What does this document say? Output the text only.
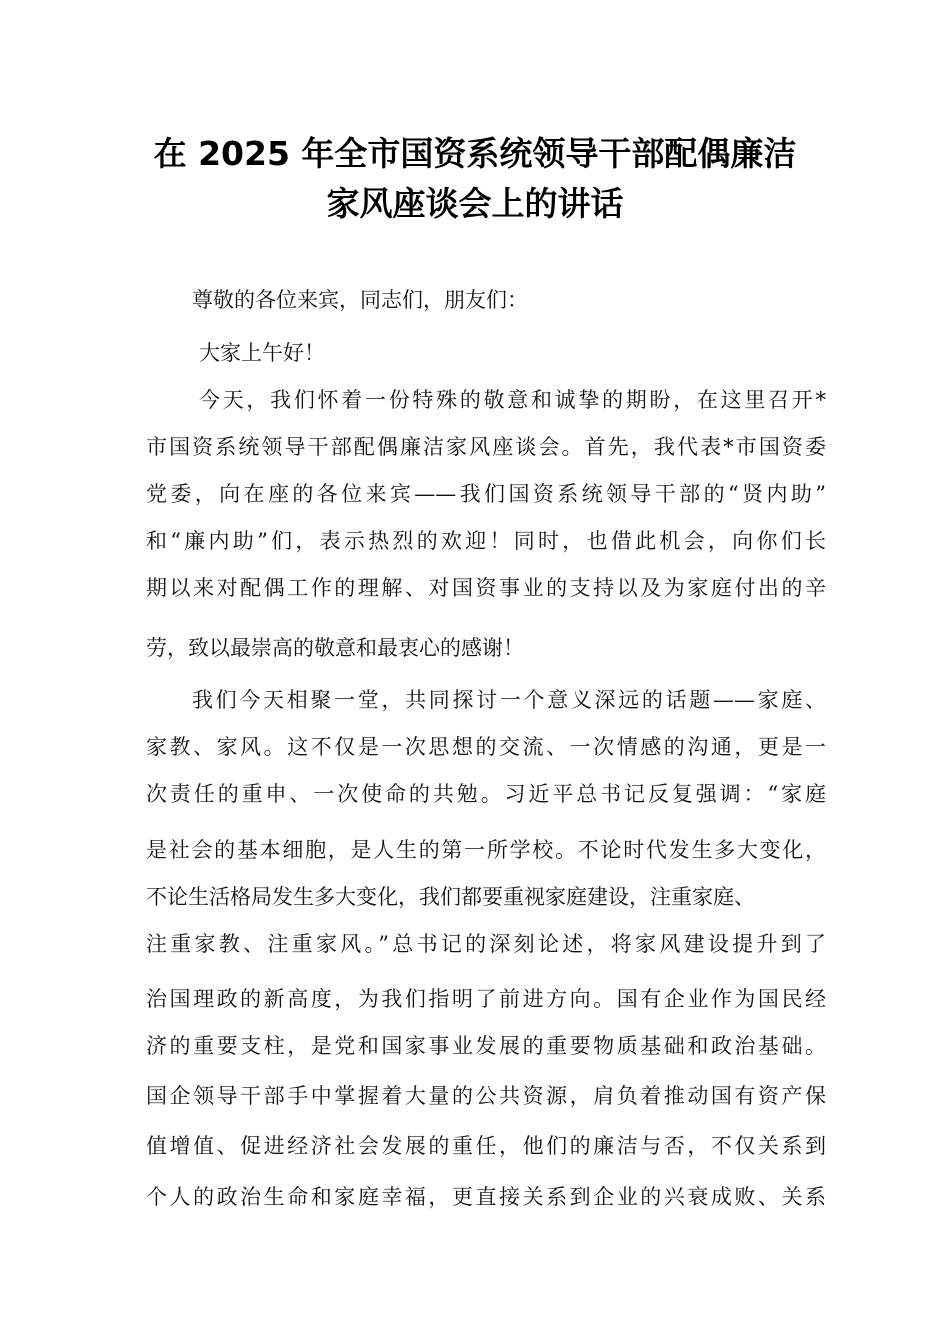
在 2025 年全市国资系统领导干部配偶廉洁
家风座谈会上的讲话
尊敬的各位来宾，同志们，朋友们：
大家上午好！
今天，我们怀着一份特殊的敬意和诚挚的期盼，在这里召开*
市国资系统领导干部配偶廉洁家风座谈会。首先，我代表*市国资委
党委，向在座的各位来宾——我们国资系统领导干部的“贤内助”
和“廉内助”们，表示热烈的欢迎！同时，也借此机会，向你们长
期以来对配偶工作的理解、对国资事业的支持以及为家庭付出的辛
劳，致以最崇高的敬意和最衷心的感谢！
我们今天相聚一堂，共同探讨一个意义深远的话题——家庭、
家教、家风。这不仅是一次思想的交流、一次情感的沟通，更是一
次责任的重申、一次使命的共勉。习近平总书记反复强调：“家庭
是社会的基本细胞，是人生的第一所学校。不论时代发生多大变化，
不论生活格局发生多大变化，我们都要重视家庭建设，注重家庭、
注重家教、注重家风。”总书记的深刻论述，将家风建设提升到了
治国理政的新高度，为我们指明了前进方向。国有企业作为国民经
济的重要支柱，是党和国家事业发展的重要物质基础和政治基础。
国企领导干部手中掌握着大量的公共资源，肩负着推动国有资产保
值增值、促进经济社会发展的重任，他们的廉洁与否，不仅关系到
个人的政治生命和家庭幸福，更直接关系到企业的兴衰成败、关系
